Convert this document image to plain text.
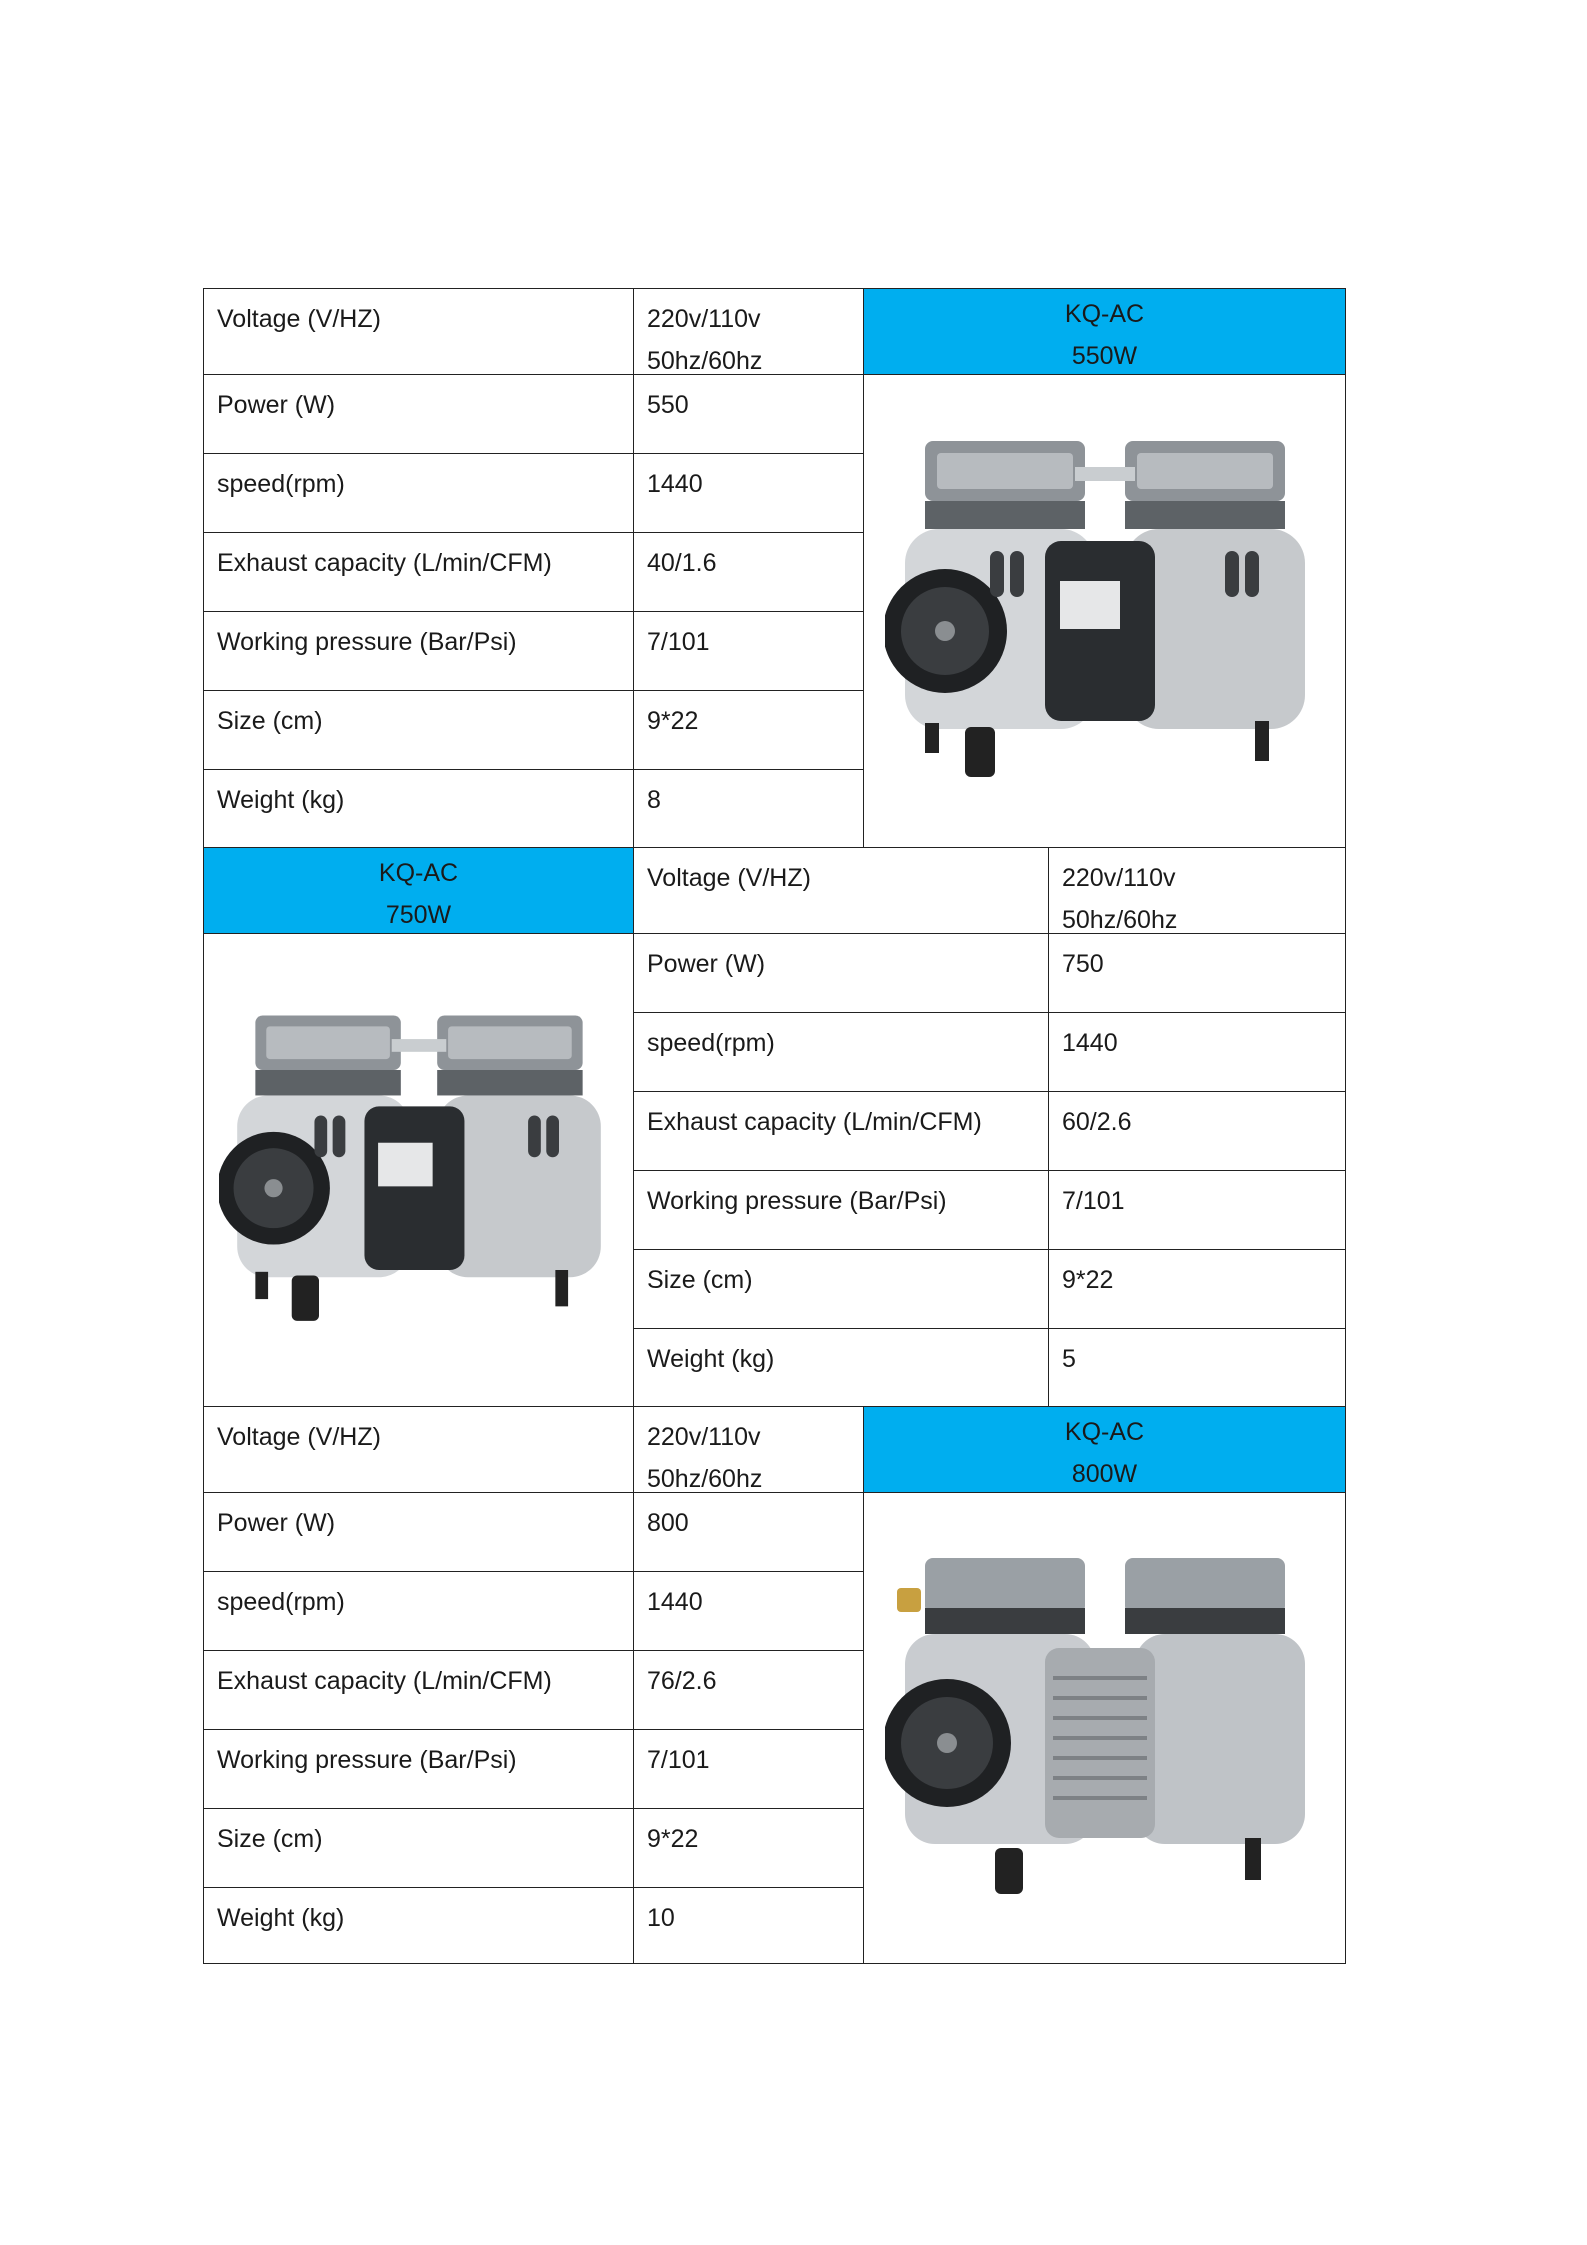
Voltage (V/HZ)	220v/110v
50hz/60hz
KQ-AC
550W
Power (W)	550
speed(rpm)	1440
Exhaust capacity (L/min/CFM)	40/1.6
Working pressure (Bar/Psi)	7/101
Size (cm)	9*22
Weight (kg)	8
KQ-AC
750W
Voltage (V/HZ)	220v/110v
50hz/60hz
Power (W)	750
speed(rpm)	1440
Exhaust capacity (L/min/CFM)	60/2.6
Working pressure (Bar/Psi)	7/101
Size (cm)	9*22
Weight (kg)	5
Voltage (V/HZ)	220v/110v
50hz/60hz
KQ-AC
800W
Power (W)	800
speed(rpm)	1440
Exhaust capacity (L/min/CFM)	76/2.6
Working pressure (Bar/Psi)	7/101
Size (cm)	9*22
Weight (kg)	10
